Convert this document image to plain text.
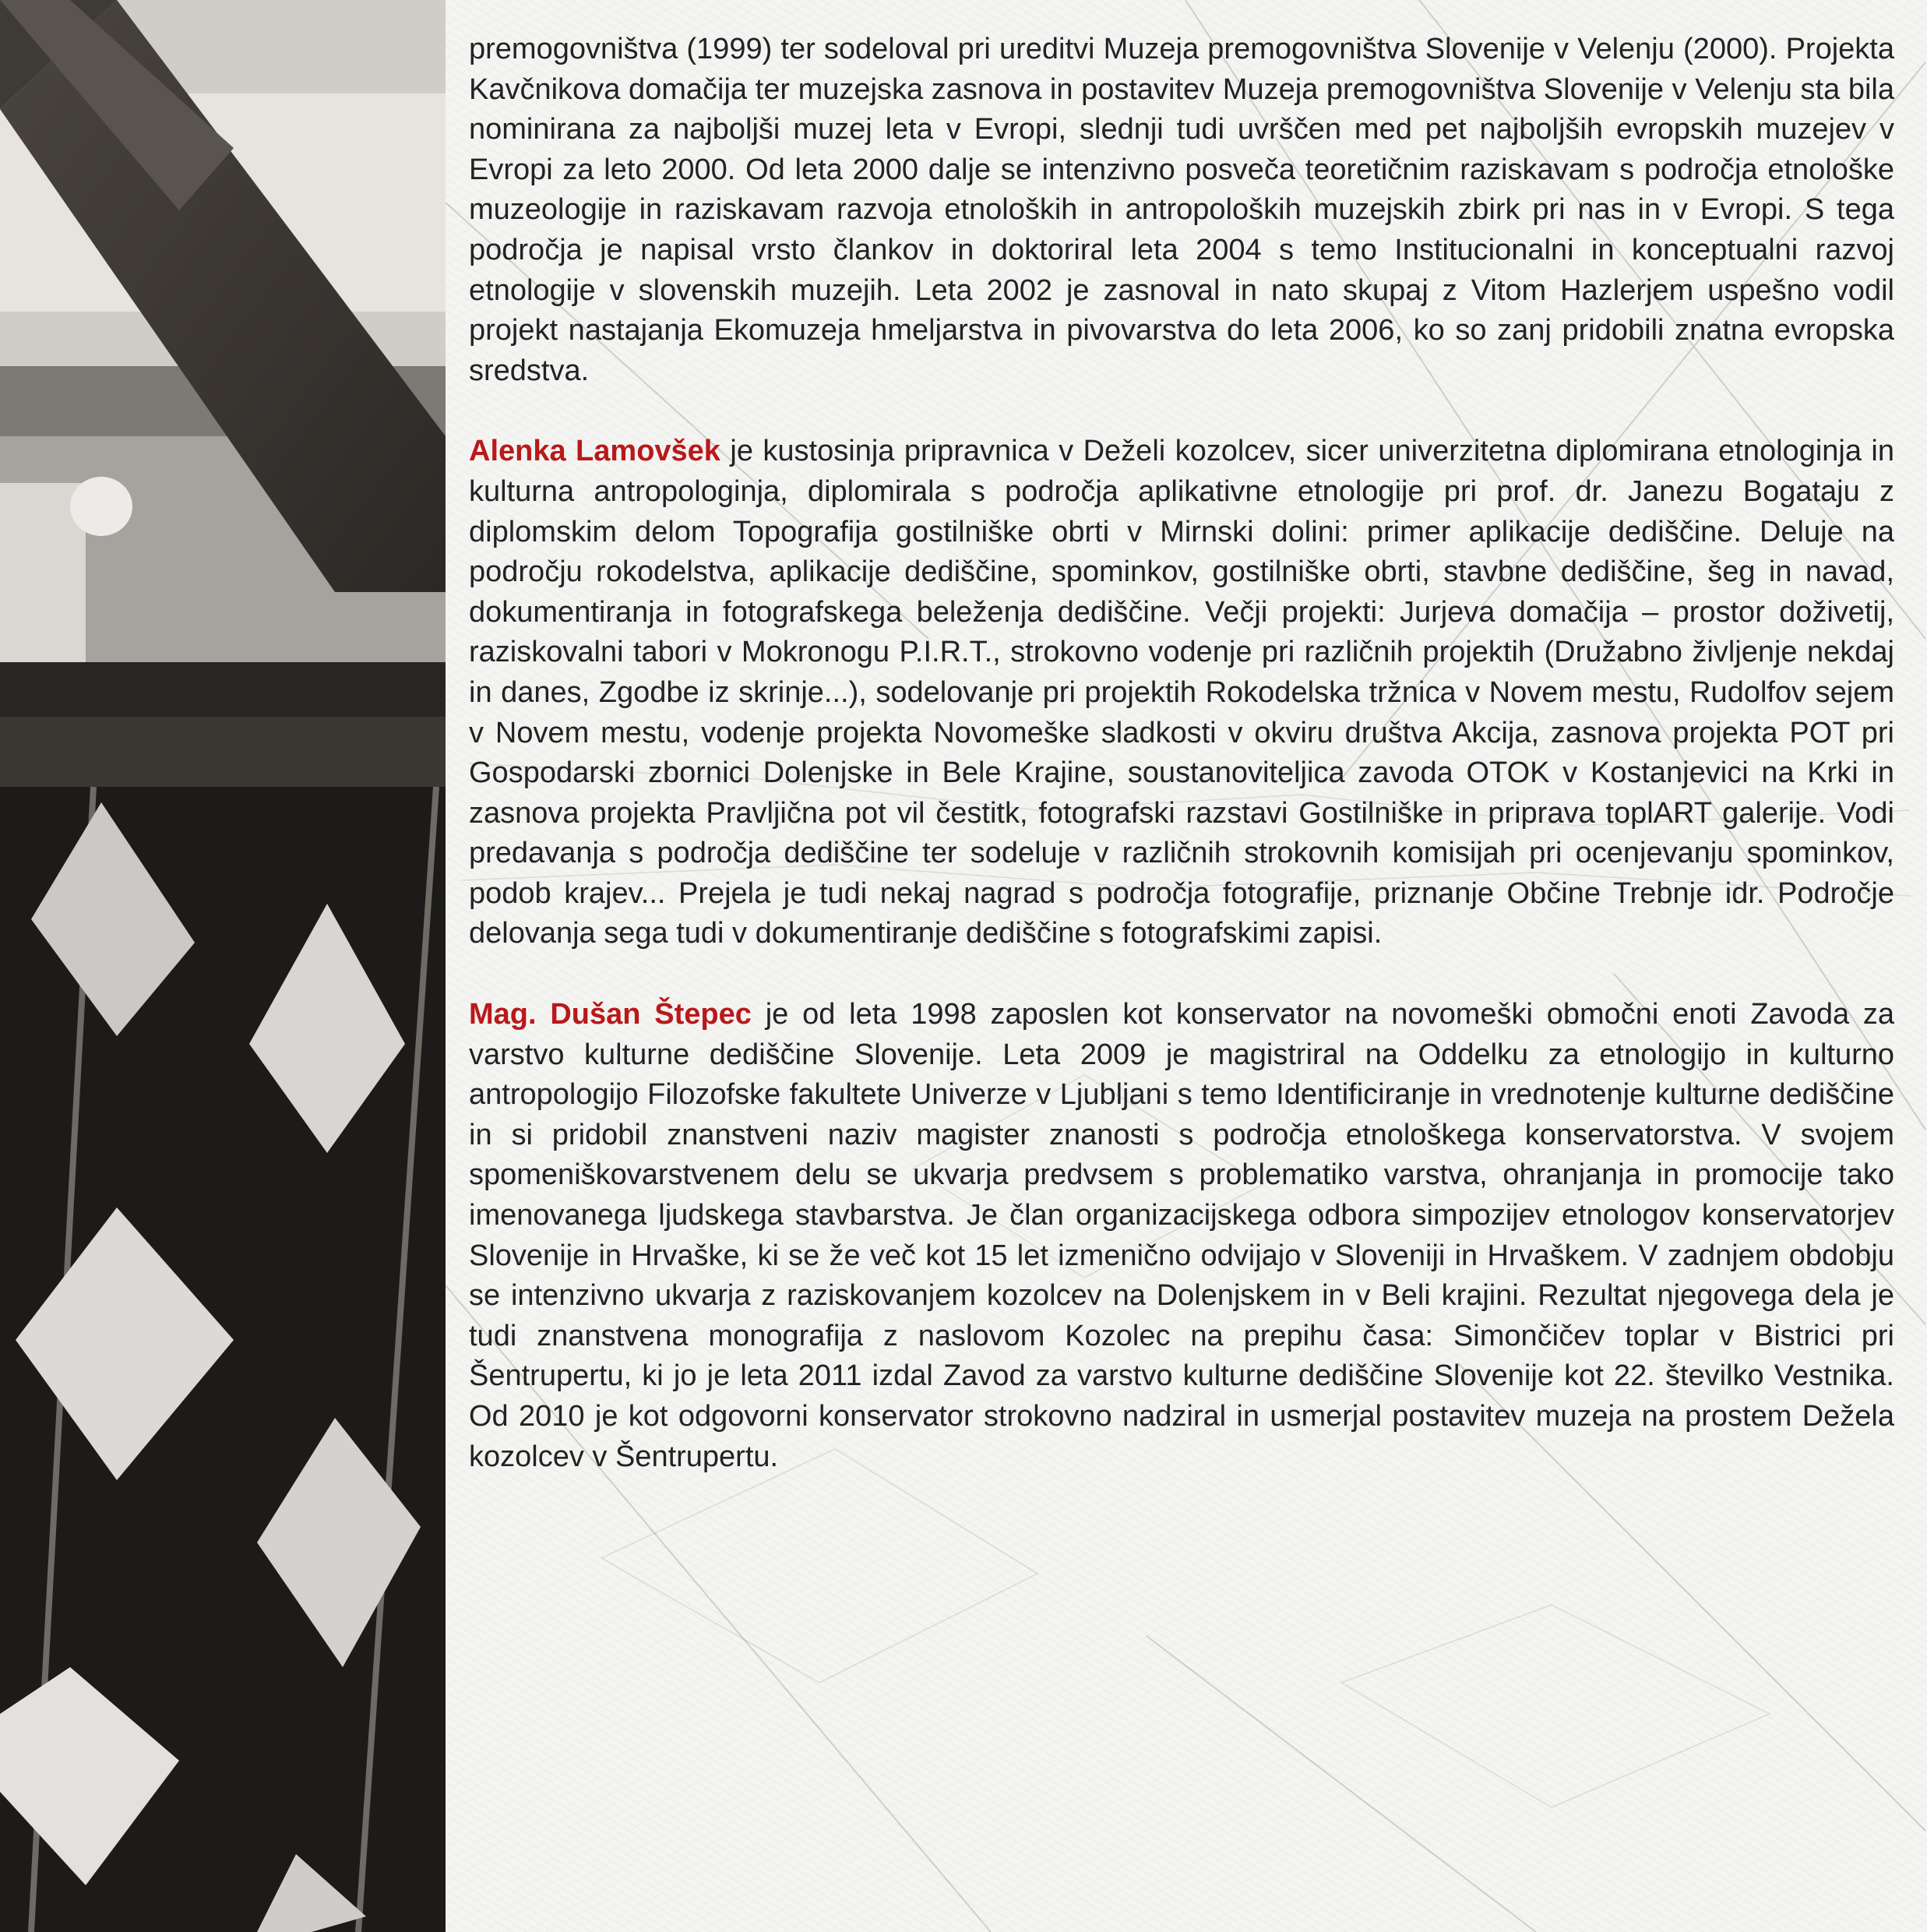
premogovništva (1999) ter sodeloval pri ureditvi Muzeja premogovništva Slovenije v Velenju (2000). Projekta Kavčnikova domačija ter muzejska zasnova in postavitev Muzeja premogovništva Slovenije v Velenju sta bila nominirana za najboljši muzej leta v Evropi, slednji tudi uvrščen med pet najboljših evropskih muzejev v Evropi za leto 2000. Od leta 2000 dalje se intenzivno posveča teoretičnim raziskavam s področja etnološke muzeologije in raziskavam razvoja etnoloških in antropoloških muzejskih zbirk pri nas in v Evropi. S tega področja je napisal vrsto člankov in doktoriral leta 2004 s temo Institucionalni in konceptualni razvoj etnologije v slovenskih muzejih. Leta 2002 je zasnoval in nato skupaj z Vitom Hazlerjem uspešno vodil projekt nastajanja Ekomuzeja hmeljarstva in pivovarstva do leta 2006, ko so zanj pridobili znatna evropska sredstva.

Alenka Lamovšek je kustosinja pripravnica v Deželi kozolcev, sicer univerzitetna diplomirana etnologinja in kulturna antropologinja, diplomirala s področja aplikativne etnologije pri prof. dr. Janezu Bogataju z diplomskim delom Topografija gostilniške obrti v Mirnski dolini: primer aplikacije dediščine. Deluje na področju rokodelstva, aplikacije dediščine, spominkov, gostilniške obrti, stavbne dediščine, šeg in navad, dokumentiranja in fotografskega beleženja dediščine. Večji projekti: Jurjeva domačija – prostor doživetij, raziskovalni tabori v Mokronogu P.I.R.T., strokovno vodenje pri različnih projektih (Družabno življenje nekdaj in danes, Zgodbe iz skrinje...), sodelovanje pri projektih Rokodelska tržnica v Novem mestu, Rudolfov sejem v Novem mestu, vodenje projekta Novomeške sladkosti v okviru društva Akcija, zasnova projekta POT pri Gospodarski zbornici Dolenjske in Bele Krajine, soustanoviteljica zavoda OTOK v Kostanjevici na Krki in zasnova projekta Pravljična pot vil čestitk, fotografski razstavi Gostilniške in priprava toplART galerije. Vodi predavanja s področja dediščine ter sodeluje v različnih strokovnih komisijah pri ocenjevanju spominkov, podob krajev... Prejela je tudi nekaj nagrad s področja fotografije, priznanje Občine Trebnje idr. Področje delovanja sega tudi v dokumentiranje dediščine s fotografskimi zapisi.

Mag. Dušan Štepec je od leta 1998 zaposlen kot konservator na novomeški območni enoti Zavoda za varstvo kulturne dediščine Slovenije. Leta 2009 je magistriral na Oddelku za etnologijo in kulturno antropologijo Filozofske fakultete Univerze v Ljubljani s temo Identificiranje in vrednotenje kulturne dediščine in si pridobil znanstveni naziv magister znanosti s področja etnološkega konservatorstva. V svojem spomeniškovarstvenem delu se ukvarja predvsem s problematiko varstva, ohranjanja in promocije tako imenovanega ljudskega stavbarstva. Je član organizacijskega odbora simpozijev etnologov konservatorjev Slovenije in Hrvaške, ki se že več kot 15 let izmenično odvijajo v Sloveniji in Hrvaškem. V zadnjem obdobju se intenzivno ukvarja z raziskovanjem kozolcev na Dolenjskem in v Beli krajini. Rezultat njegovega dela je tudi znanstvena monografija z naslovom Kozolec na prepihu časa: Simončičev toplar v Bistrici pri Šentrupertu, ki jo je leta 2011 izdal Zavod za varstvo kulturne dediščine Slovenije kot 22. številko Vestnika. Od 2010 je kot odgovorni konservator strokovno nadziral in usmerjal postavitev muzeja na prostem Dežela kozolcev v Šentrupertu.
